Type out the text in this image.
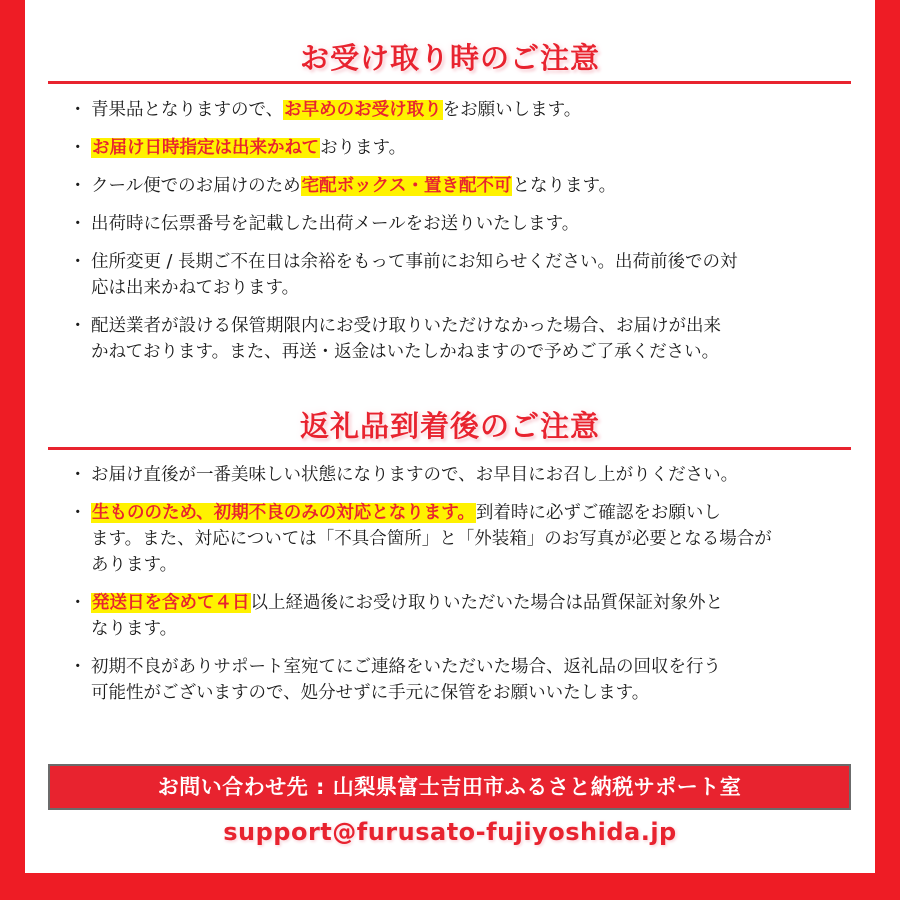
お受け取り時のご注意
・ 青果品となりますので、お早めのお受け取りをお願いします。
・ お届け日時指定は出来かねております。
・ クール便でのお届けのため宅配ボックス・置き配不可となります。
・ 出荷時に伝票番号を記載した出荷メールをお送りいたします。
・ 住所変更 / 長期ご不在日は余裕をもって事前にお知らせください。出荷前後での対
応は出来かねております。
・ 配送業者が設ける保管期限内にお受け取りいただけなかった場合、お届けが出来
かねております。また、再送・返金はいたしかねますので予めご了承ください。
返礼品到着後のご注意
・ お届け直後が一番美味しい状態になりますので、お早目にお召し上がりください。
・ 生もののため、初期不良のみの対応となります。到着時に必ずご確認をお願いし
ます。また、対応については「不具合箇所」と「外装箱」のお写真が必要となる場合が
あります。
・ 発送日を含めて４日以上経過後にお受け取りいただいた場合は品質保証対象外と
なります。
・ 初期不良がありサポート室宛てにご連絡をいただいた場合、返礼品の回収を行う
可能性がございますので、処分せずに手元に保管をお願いいたします。
お問い合わせ先 : 山梨県富士吉田市ふるさと納税サポート室
support@furusato-fujiyoshida.jp
